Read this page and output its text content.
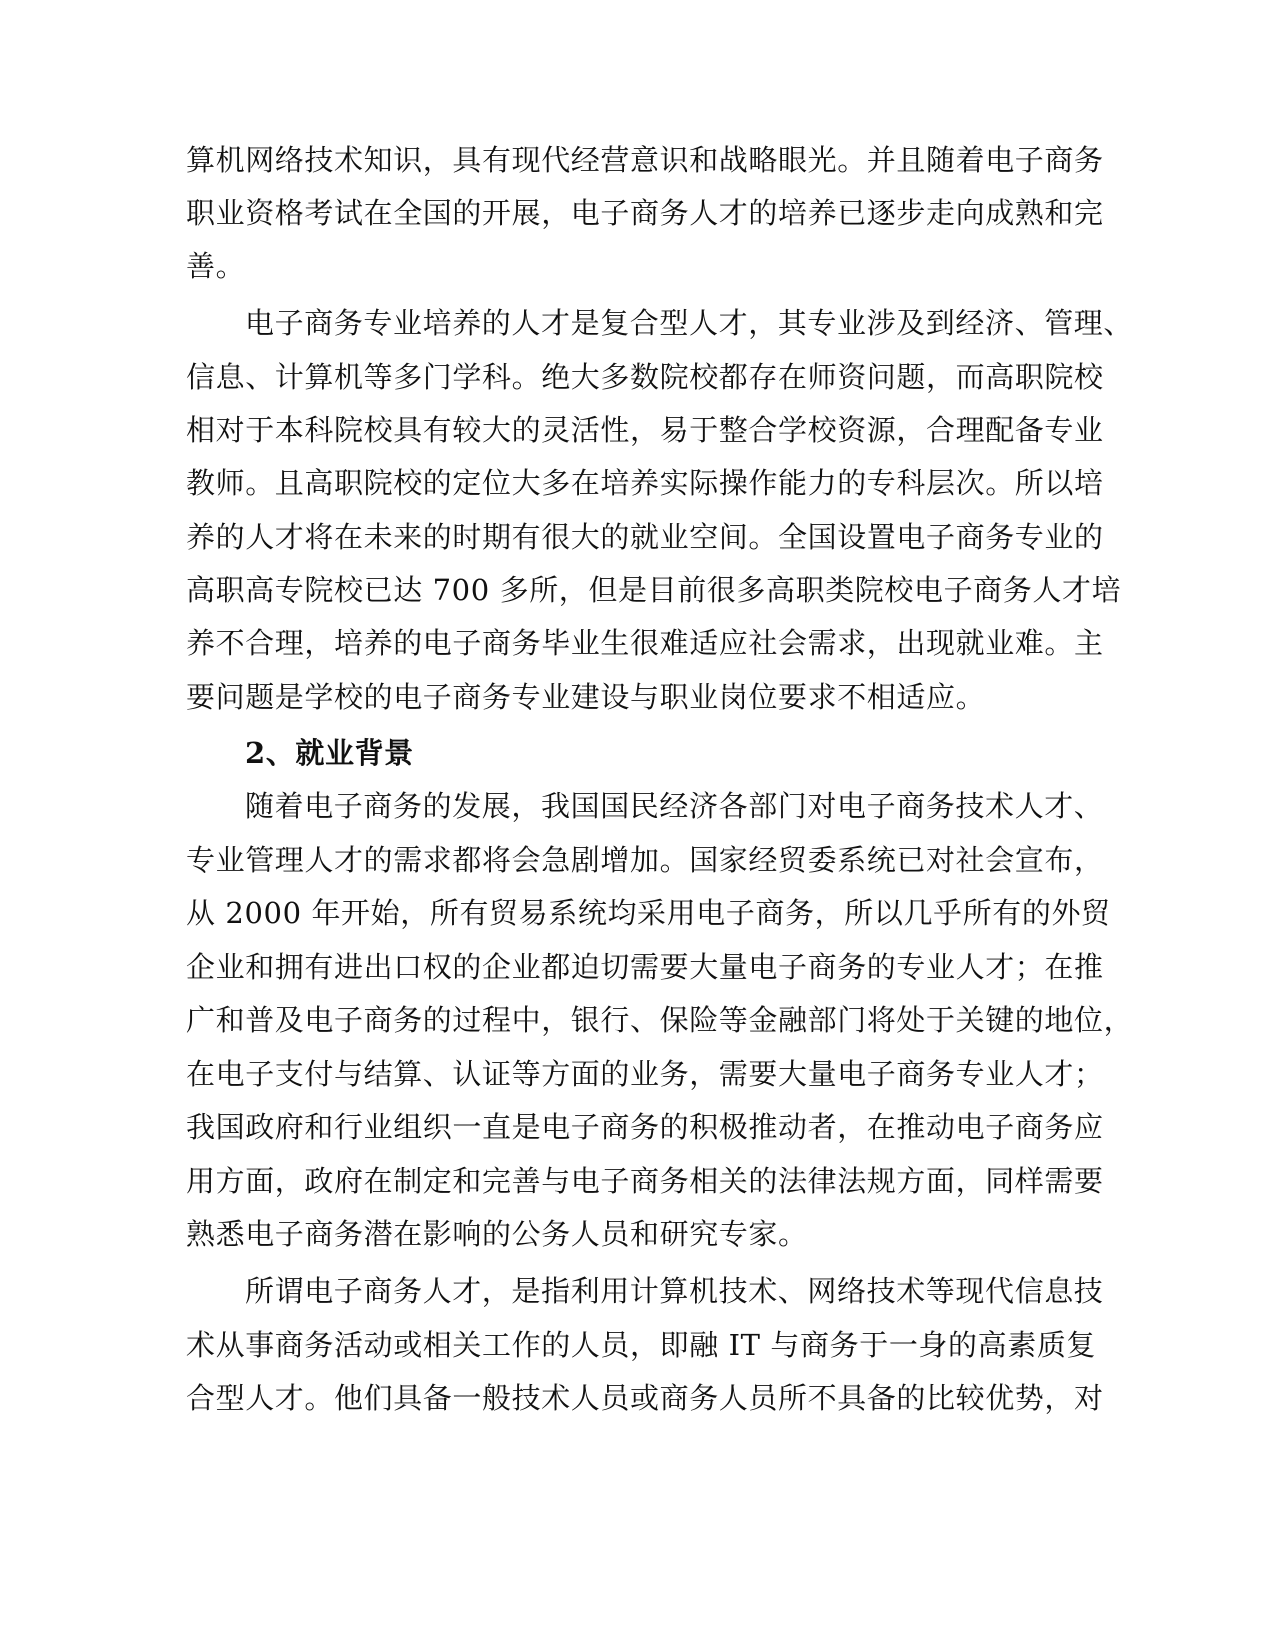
算机网络技术知识，具有现代经营意识和战略眼光。并且随着电子商务
职业资格考试在全国的开展，电子商务人才的培养已逐步走向成熟和完
善。
电子商务专业培养的人才是复合型人才，其专业涉及到经济、管理、
信息、计算机等多门学科。绝大多数院校都存在师资问题，而高职院校
相对于本科院校具有较大的灵活性，易于整合学校资源，合理配备专业
教师。且高职院校的定位大多在培养实际操作能力的专科层次。所以培
养的人才将在未来的时期有很大的就业空间。全国设置电子商务专业的
高职高专院校已达 700 多所，但是目前很多高职类院校电子商务人才培
养不合理，培养的电子商务毕业生很难适应社会需求，出现就业难。主
要问题是学校的电子商务专业建设与职业岗位要求不相适应。
2、就业背景
随着电子商务的发展，我国国民经济各部门对电子商务技术人才、
专业管理人才的需求都将会急剧增加。国家经贸委系统已对社会宣布，
从 2000 年开始，所有贸易系统均采用电子商务，所以几乎所有的外贸
企业和拥有进出口权的企业都迫切需要大量电子商务的专业人才；在推
广和普及电子商务的过程中，银行、保险等金融部门将处于关键的地位，
在电子支付与结算、认证等方面的业务，需要大量电子商务专业人才；
我国政府和行业组织一直是电子商务的积极推动者，在推动电子商务应
用方面，政府在制定和完善与电子商务相关的法律法规方面，同样需要
熟悉电子商务潜在影响的公务人员和研究专家。
所谓电子商务人才，是指利用计算机技术、网络技术等现代信息技
术从事商务活动或相关工作的人员，即融 IT 与商务于一身的高素质复
合型人才。他们具备一般技术人员或商务人员所不具备的比较优势，对
